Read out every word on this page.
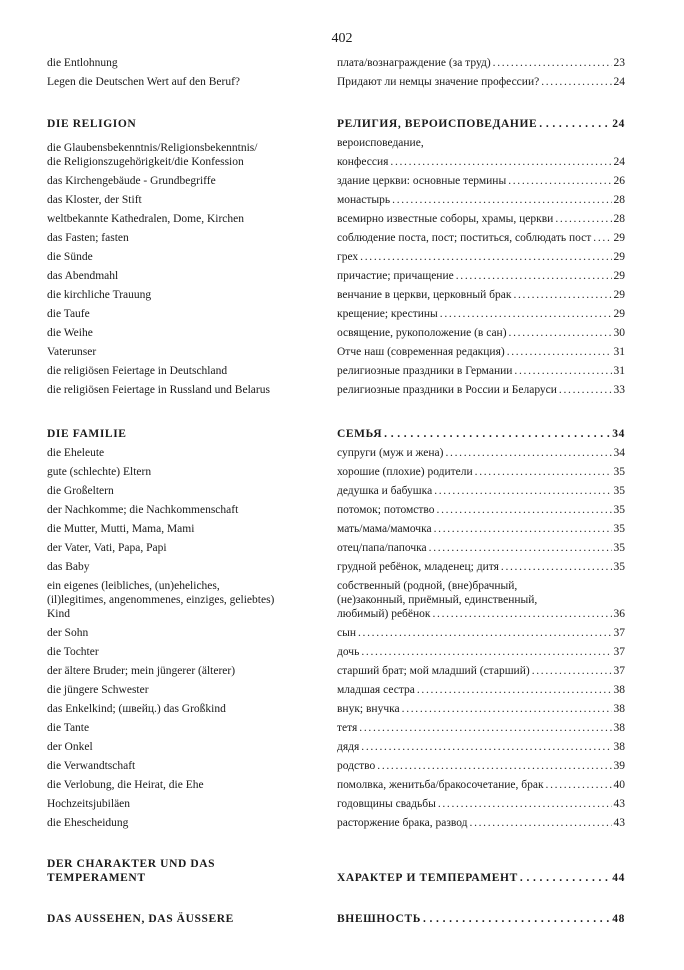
402
die Entlohnung	плата/вознаграждение (за труд) . . .	23
Legen die Deutschen Wert auf den Beruf?	Придают ли немцы значение профессии? . . .	24
DIE RELIGION	РЕЛИГИЯ, ВЕРОИСПОВЕДАНИЕ . . .	24
die Glaubensbekenntnis/Religionsbekenntnis/
die Religionszugehörigkeit/die Konfession
вероисповедание,
конфессия . . .	24
das Kirchengebäude - Grundbegriffe	здание церкви: основные термины . . .	26
das Kloster, der Stift	монастырь . . .	28
weltbekannte Kathedralen, Dome, Kirchen	всемирно известные соборы, храмы, церкви . . .	28
das Fasten; fasten	соблюдение поста, пост; поститься, соблюдать пост . . . 29
die Sünde	грех . . .	29
das Abendmahl	причастие; причащение . . .	29
die kirchliche Trauung	венчание в церкви, церковный брак . . .	29
die Taufe	крещение; крестины . . .	29
die Weihe	освящение, рукоположение (в сан) . . .	30
Vaterunser	Отче наш (современная редакция) . . .	31
die religiösen Feiertage in Deutschland	религиозные праздники в Германии . . .	31
die religiösen Feiertage in Russland und Belarus	религиозные праздники в России и Беларуси . . .	33
DIE FAMILIE	СЕМЬЯ . . .	34
die Eheleute	супруги (муж и жена) . . .	34
gute (schlechte) Eltern	хорошие (плохие) родители . . .	35
die Großeltern	дедушка и бабушка . . .	35
der Nachkomme; die Nachkommenschaft	потомок; потомство . . .	35
die Mutter, Mutti, Mama, Mami	мать/мама/мамочка . . .	35
der Vater, Vati, Papa, Papi	отец/папа/папочка . . .	35
das Baby	грудной ребёнок, младенец; дитя . . .	35
ein eigenes (leibliches, (un)eheliches,
(il)legitimes, angenommenes, einziges, geliebtes)
Kind
собственный (родной, (вне)брачный,
(не)законный, приёмный, единственный,
любимый) ребёнок . . .	36
der Sohn	сын . . .	37
die Tochter	дочь . . .	37
der ältere Bruder; mein jüngerer (älterer)	старший брат; мой младший (старший) . . .	37
die jüngere Schwester	младшая сестра . . .	38
das Enkelkind; (швейц.) das Großkind	внук; внучка . . .	38
die Tante	тетя . . .	38
der Onkel	дядя . . .	38
die Verwandtschaft	родство . . .	39
die Verlobung, die Heirat, die Ehe	помолвка, женитьба/бракосочетание, брак . . .	40
Hochzeitsjubiläen	годовщины свадьбы . . .	43
die Ehescheidung	расторжение брака, развод . . .	43
DER CHARAKTER UND DAS TEMPERAMENT	ХАРАКТЕР И ТЕМПЕРАМЕНТ . . .	44
DAS AUSSEHEN, DAS ÄUSSERE	ВНЕШНОСТЬ . . .	48
